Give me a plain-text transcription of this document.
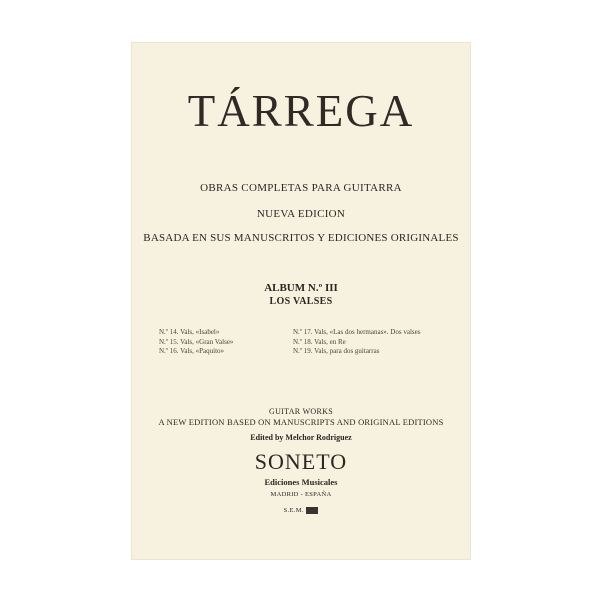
TÁRREGA
OBRAS COMPLETAS PARA GUITARRA
NUEVA EDICION
BASADA EN SUS MANUSCRITOS Y EDICIONES ORIGINALES
ALBUM N.º III
LOS VALSES
N.º 14. Vals, «Isabel»
N.º 15. Vals, «Gran Valse»
N.º 16. Vals, «Paquito»
N.º 17. Vals, «Las dos hermanas». Dos valses
N.º 18. Vals, en Re
N.º 19. Vals, para dos guitarras
GUITAR WORKS
A NEW EDITION BASED ON MANUSCRIPTS AND ORIGINAL EDITIONS
Edited by Melchor Rodriguez
SONETO
Ediciones Musicales
MADRID - ESPAÑA
S.E.M. 000
